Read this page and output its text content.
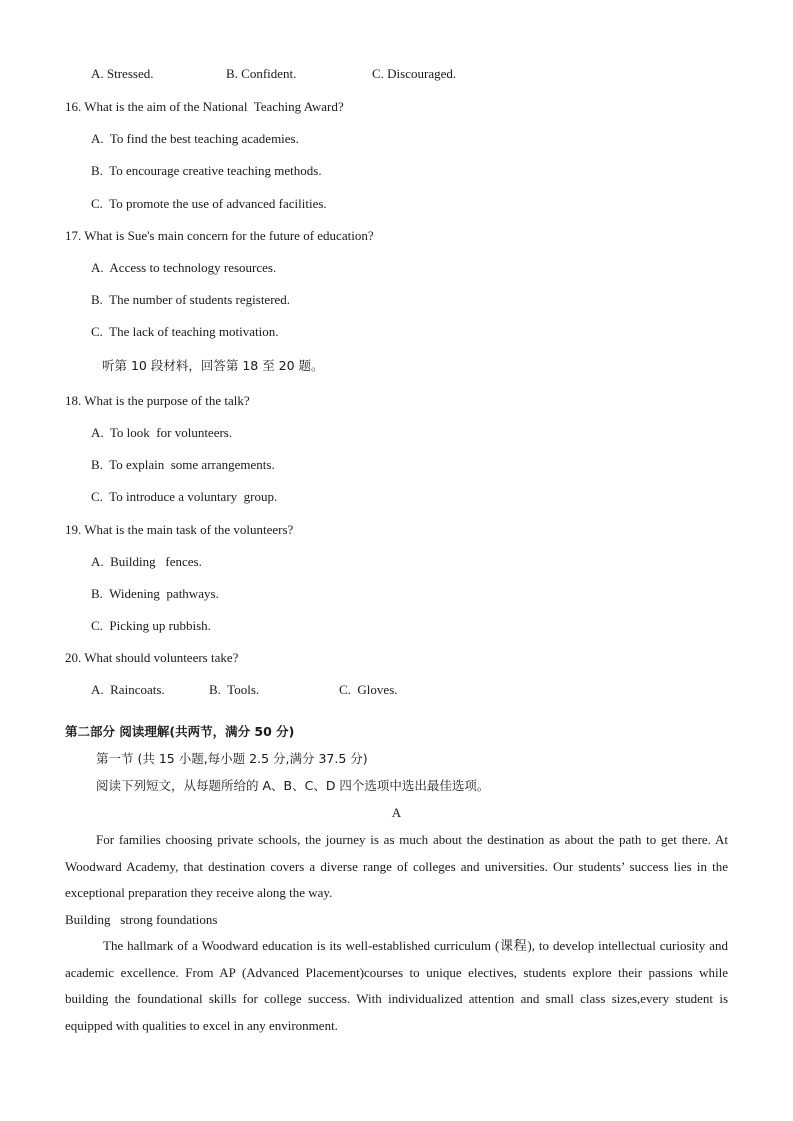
A. Stressed.	B. Confident.	C. Discouraged.
16. What is the aim of the National  Teaching Award?
A.  To find the best teaching academies.
B.  To encourage creative teaching methods.
C.  To promote the use of advanced facilities.
17. What is Sue's main concern for the future of education?
A.  Access to technology resources.
B.  The number of students registered.
C.  The lack of teaching motivation.
听第 10 段材料，回答第 18 至 20 题。
18. What is the purpose of the talk?
A.  To look  for volunteers.
B.  To explain  some arrangements.
C.  To introduce a voluntary  group.
19. What is the main task of the volunteers?
A.  Building   fences.
B.  Widening  pathways.
C.  Picking up rubbish.
20. What should volunteers take?
A.  Raincoats.	B.  Tools.	C.  Gloves.
第二部分 阅读理解(共两节，满分 50 分)
第一节 (共 15 小题,每小题 2.5 分,满分 37.5 分)
阅读下列短文，从每题所给的 A、B、C、D 四个选项中选出最佳选项。
A
For families choosing private schools, the journey is as much about the destination as about the path to get there. At Woodward Academy, that destination covers a diverse range of colleges and universities. Our students’ success lies in the exceptional preparation they receive along the way.
Building   strong foundations
The hallmark of a Woodward education is its well-established curriculum (课程), to develop intellectual curiosity and academic excellence. From AP (Advanced Placement)courses to unique electives, students explore their passions while building the foundational skills for college success. With individualized attention and small class sizes,every student is equipped with qualities to excel in any environment.
